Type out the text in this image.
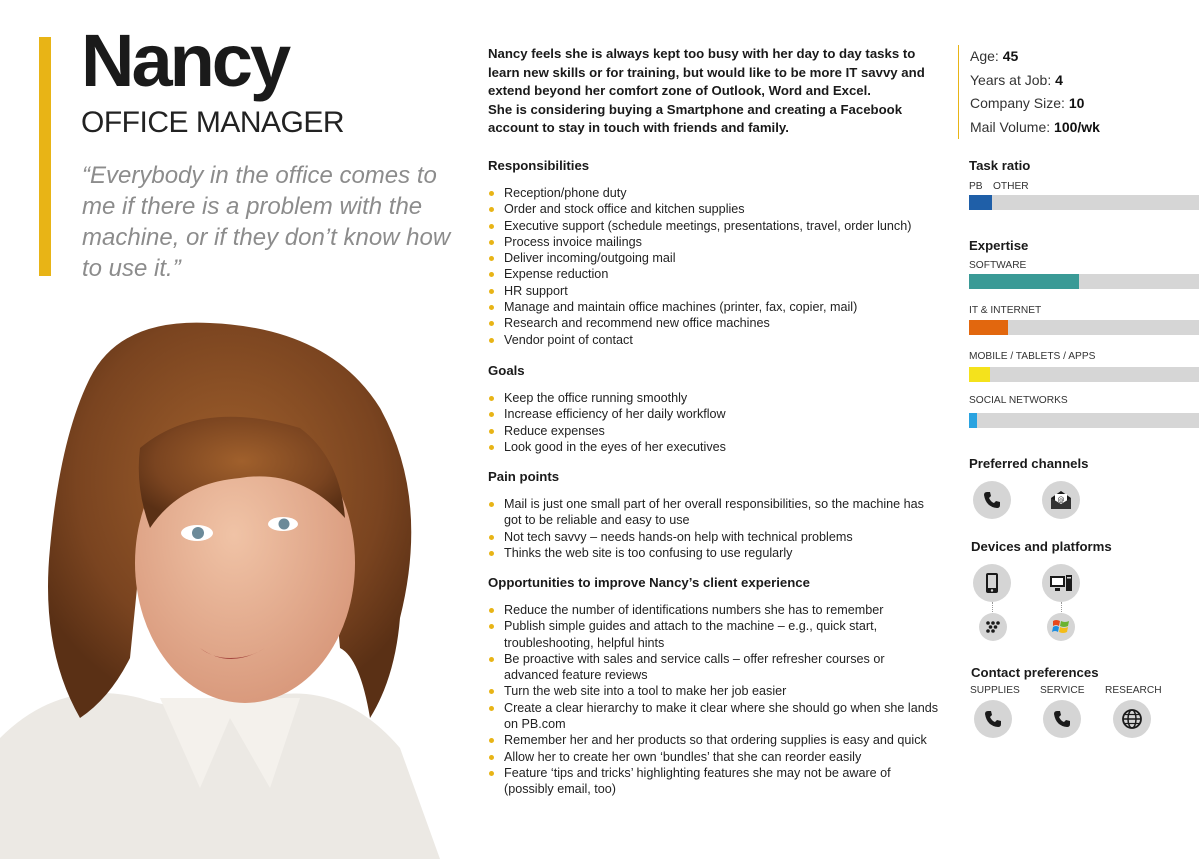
Nancy
OFFICE MANAGER
“Everybody in the office comes to me if there is a problem with the machine, or if they don’t know how to use it.”

Nancy feels she is always kept too busy with her day to day tasks to learn new skills or for training, but would like to be more IT savvy and extend beyond her comfort zone of Outlook, Word and Excel.

She is considering buying a Smartphone and creating a Facebook account to stay in touch with friends and family.

Responsibilities
Reception/phone duty
Order and stock office and kitchen supplies
Executive support (schedule meetings, presentations, travel, order lunch)
Process invoice mailings
Deliver incoming/outgoing mail
Expense reduction
HR support
Manage and maintain office machines (printer, fax, copier, mail)
Research and recommend new office machines
Vendor point of contact
Goals
Keep the office running smoothly
Increase efficiency of her daily workflow
Reduce expenses
Look good in the eyes of her executives
Pain points
Mail is just one small part of her overall responsibilities, so the machine has got to be reliable and easy to use
Not tech savvy – needs hands-on help with technical problems
Thinks the web site is too confusing to use regularly
Opportunities to improve Nancy’s client experience
Reduce the number of identifications numbers she has to remember
Publish simple guides and attach to the machine – e.g., quick start, troubleshooting, helpful hints
Be proactive with sales and service calls – offer refresher courses or advanced feature reviews
Turn the web site into a tool to make her job easier
Create a clear hierarchy to make it clear where she should go when she lands on PB.com
Remember her and her products so that ordering supplies is easy and quick
Allow her to create her own ‘bundles’ that she can reorder easily
Feature ‘tips and tricks’ highlighting features she may not be aware of (possibly email, too)
Age: 45
Years at Job: 4
Company Size: 10
Mail Volume: 100/wk
Task ratio
PB OTHER
Expertise
SOFTWARE
IT & INTERNET
MOBILE / TABLETS / APPS
SOCIAL NETWORKS
Preferred channels
@
Devices and platforms
Contact preferences
SUPPLIES SERVICE RESEARCH
